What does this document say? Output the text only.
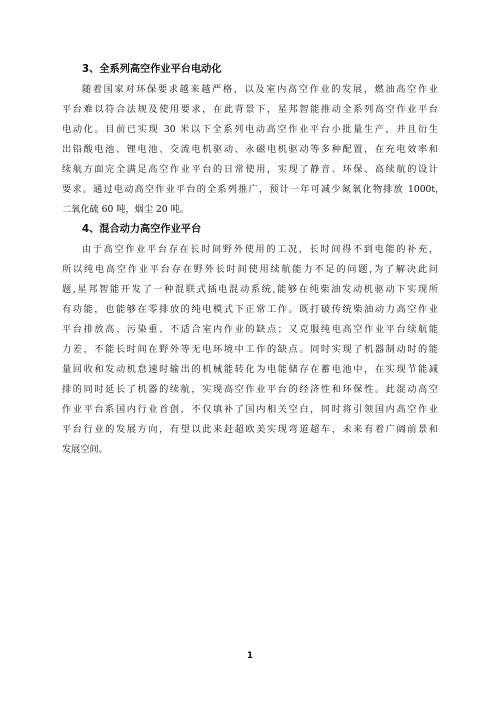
3、全系列高空作业平台电动化
随着国家对环保要求越来越严格，以及室内高空作业的发展，燃油高空作业
平台难以符合法规及使用要求，在此背景下，星邦智能推动全系列高空作业平台
电动化。目前已实现 30 米以下全系列电动高空作业平台小批量生产，并且衍生
出铅酸电池、锂电池、交流电机驱动、永磁电机驱动等多种配置，在充电效率和
续航方面完全满足高空作业平台的日常使用，实现了静音、环保、高续航的设计
要求。通过电动高空作业平台的全系列推广，预计一年可减少氮氧化物排放 1000t,
二氧化硫 60 吨，烟尘 20 吨。
4、混合动力高空作业平台
由于高空作业平台存在长时间野外使用的工况，长时间得不到电能的补充，
所以纯电高空作业平台存在野外长时间使用续航能力不足的问题,为了解决此问
题,星邦智能开发了一种混联式插电混动系统,能够在纯柴油发动机驱动下实现所
有功能，也能够在零排放的纯电模式下正常工作。既打破传统柴油动力高空作业
平台排放高、污染重、不适合室内作业的缺点；又克服纯电高空作业平台续航能
力差，不能长时间在野外等无电环境中工作的缺点。同时实现了机器制动时的能
量回收和发动机怠速时输出的机械能转化为电能储存在蓄电池中，在实现节能减
排的同时延长了机器的续航，实现高空作业平台的经济性和环保性。此混动高空
作业平台系国内行业首创，不仅填补了国内相关空白，同时将引领国内高空作业
平台行业的发展方向，有望以此来赶超欧美实现弯道超车，未来有着广阔前景和
发展空间。
1
